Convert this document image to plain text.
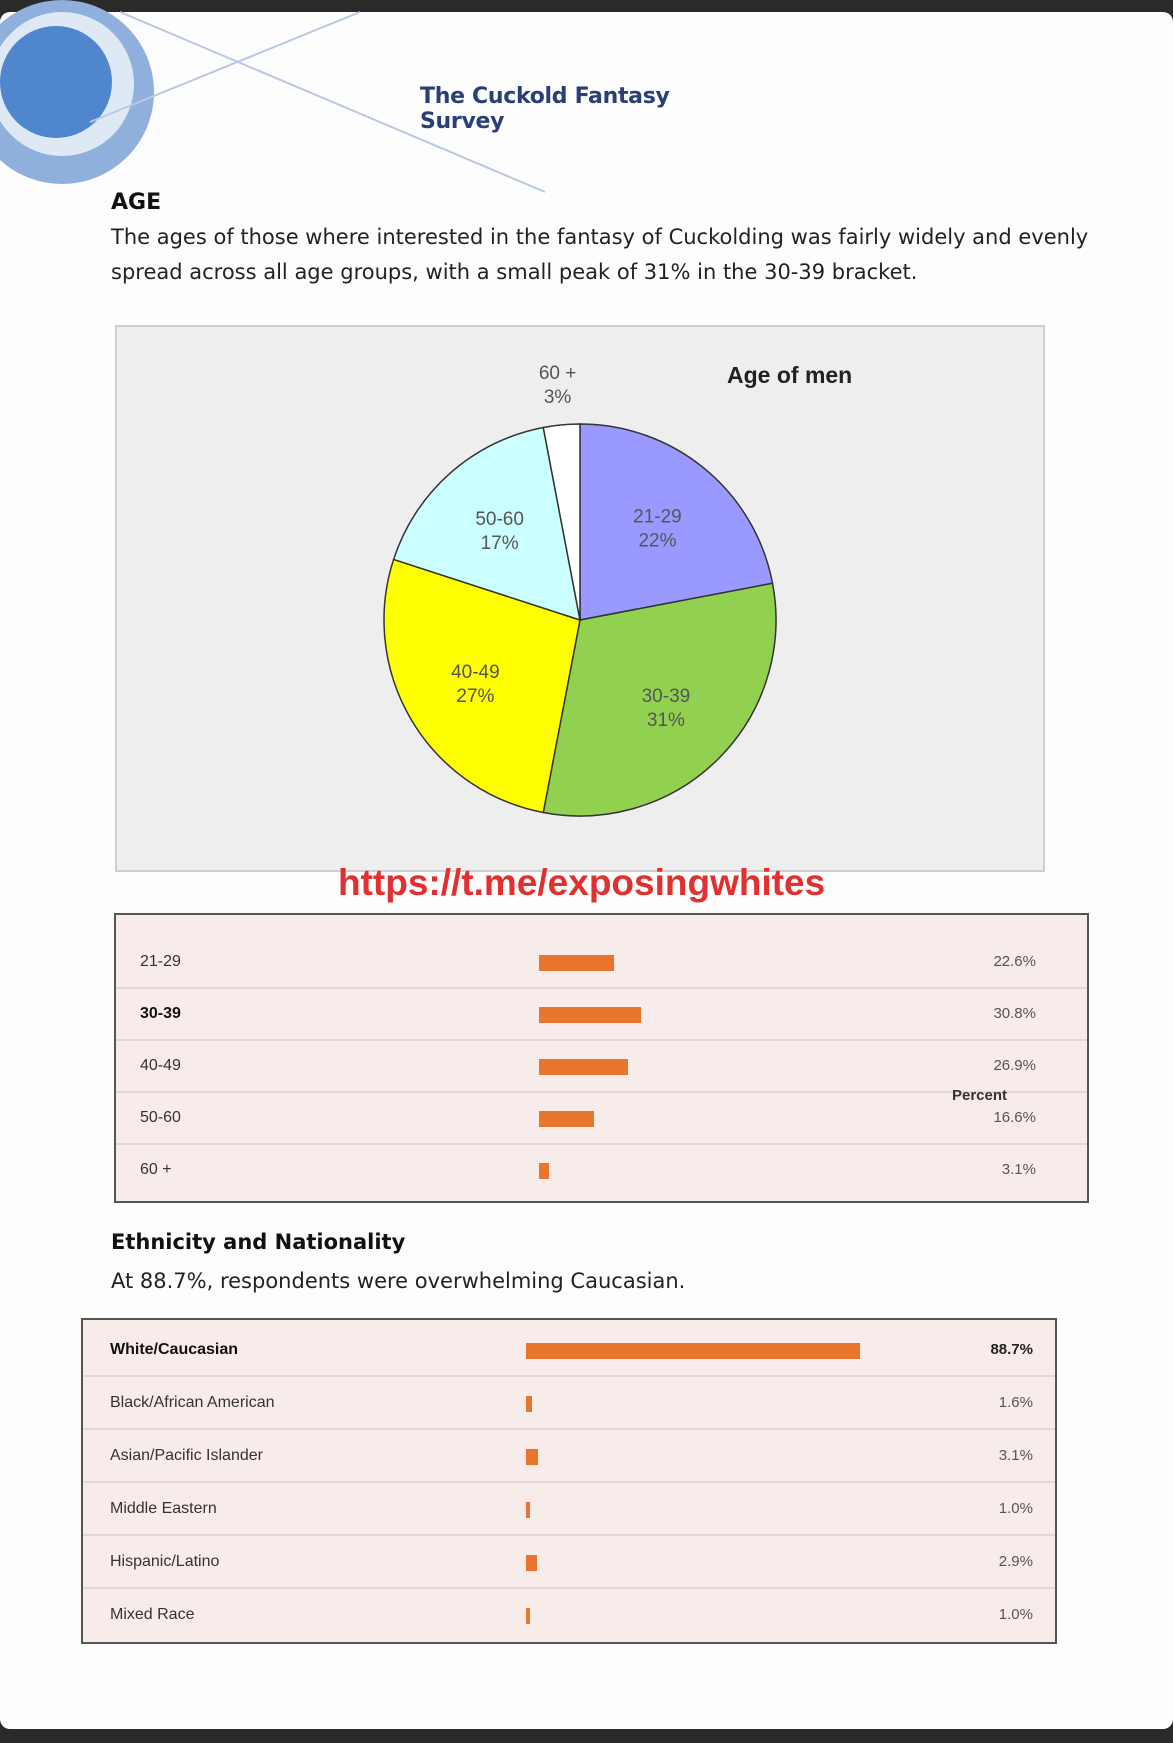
The Cuckold Fantasy Survey
AGE
The ages of those where interested in the fantasy of Cuckolding was fairly widely and evenly
spread across all age groups, with a small peak of 31% in the 30-39 bracket.
21-29
22%
30-39
31%
40-49
27%
50-60
17%
60 +
3%
Age of men
https://t.me/exposingwhites
21-29	22.6%
30-39	30.8%
40-49	26.9%
50-60	16.6%
60 +	3.1%
Percent
Ethnicity and Nationality
At 88.7%, respondents were overwhelming Caucasian.
White/Caucasian	88.7%
Black/African American	1.6%
Asian/Pacific Islander	3.1%
Middle Eastern	1.0%
Hispanic/Latino	2.9%
Mixed Race	1.0%
